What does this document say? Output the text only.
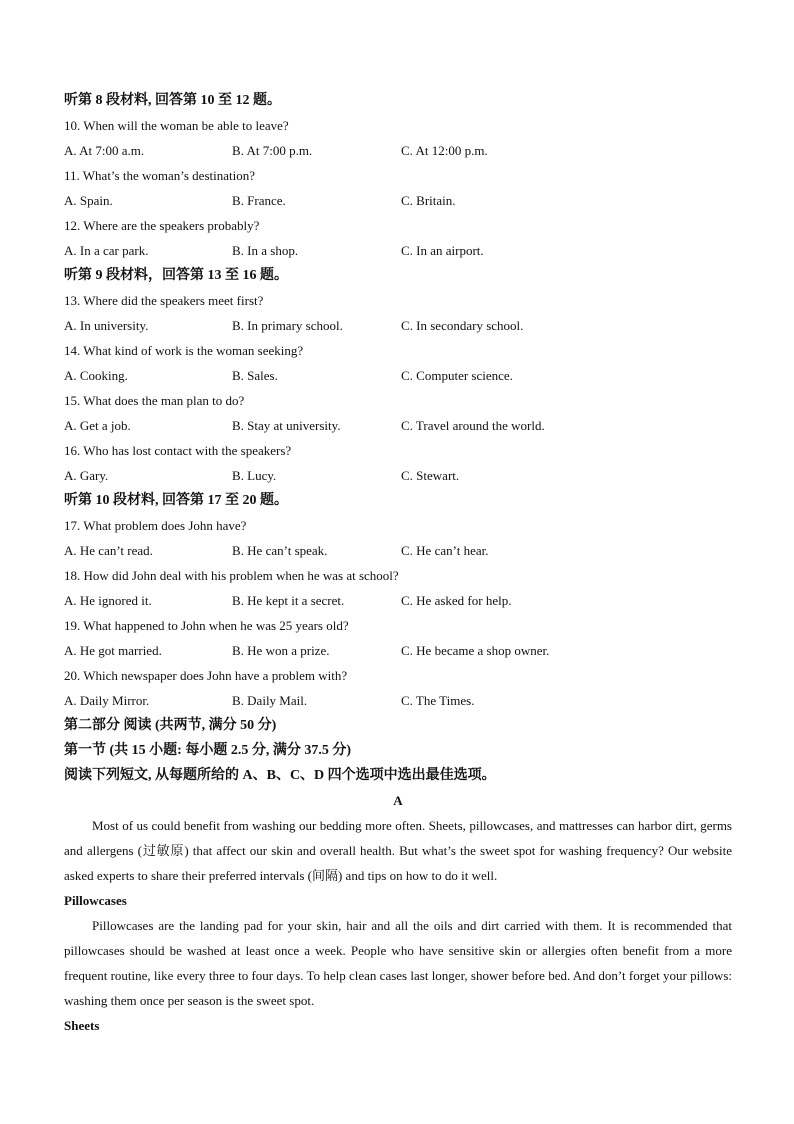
听第 8 段材料, 回答第 10 至 12 题。
10. When will the woman be able to leave?
A. At 7:00 a.m.	B. At 7:00 p.m.	C. At 12:00 p.m.
11. What’s the woman’s destination?
A. Spain.	B. France.	C. Britain.
12. Where are the speakers probably?
A. In a car park.	B. In a shop.	C. In an airport.
听第 9 段材料，回答第 13 至 16 题。
13. Where did the speakers meet first?
A. In university.	B. In primary school.	C. In secondary school.
14. What kind of work is the woman seeking?
A. Cooking.	B. Sales.	C. Computer science.
15. What does the man plan to do?
A. Get a job.	B. Stay at university.	C. Travel around the world.
16. Who has lost contact with the speakers?
A. Gary.	B. Lucy.	C. Stewart.
听第 10 段材料, 回答第 17 至 20 题。
17. What problem does John have?
A. He can’t read.	B. He can’t speak.	C. He can’t hear.
18. How did John deal with his problem when he was at school?
A. He ignored it.	B. He kept it a secret.	C. He asked for help.
19. What happened to John when he was 25 years old?
A. He got married.	B. He won a prize.	C. He became a shop owner.
20. Which newspaper does John have a problem with?
A. Daily Mirror.	B. Daily Mail.	C. The Times.
第二部分 阅读 (共两节, 满分 50 分)
第一节 (共 15 小题: 每小题 2.5 分, 满分 37.5 分)
阅读下列短文, 从每题所给的 A、B、C、D 四个选项中选出最佳选项。
A

Most of us could benefit from washing our bedding more often. Sheets, pillowcases, and mattresses can harbor dirt, germs and allergens (过敏原) that affect our skin and overall health. But what’s the sweet spot for washing frequency? Our website asked experts to share their preferred intervals (间隔) and tips on how to do it well.

Pillowcases

Pillowcases are the landing pad for your skin, hair and all the oils and dirt carried with them. It is recommended that pillowcases should be washed at least once a week. People who have sensitive skin or allergies often benefit from a more frequent routine, like every three to four days. To help clean cases last longer, shower before bed. And don’t forget your pillows: washing them once per season is the sweet spot.

Sheets
